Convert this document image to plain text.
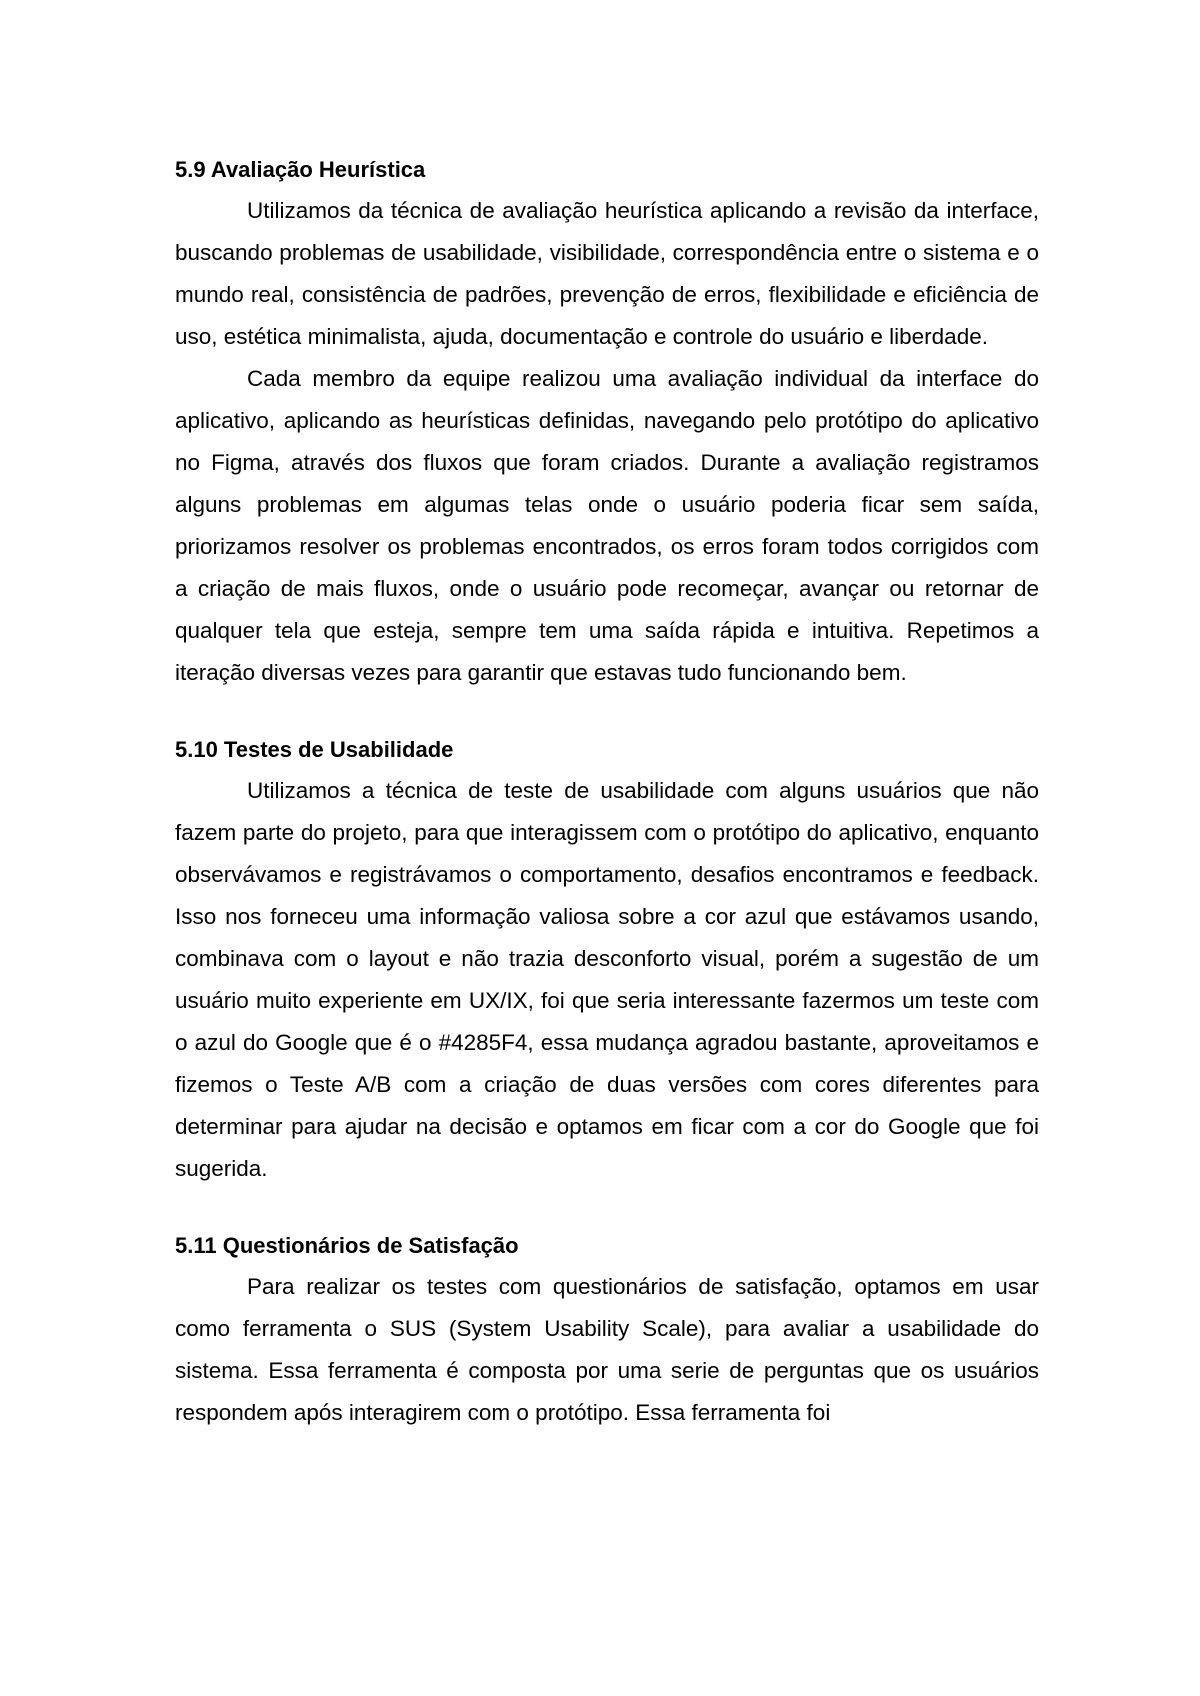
5.9 Avaliação Heurística

Utilizamos da técnica de avaliação heurística aplicando a revisão da interface, buscando problemas de usabilidade, visibilidade, correspondência entre o sistema e o mundo real, consistência de padrões, prevenção de erros, flexibilidade e eficiência de uso, estética minimalista, ajuda, documentação e controle do usuário e liberdade.

Cada membro da equipe realizou uma avaliação individual da interface do aplicativo, aplicando as heurísticas definidas, navegando pelo protótipo do aplicativo no Figma, através dos fluxos que foram criados. Durante a avaliação registramos alguns problemas em algumas telas onde o usuário poderia ficar sem saída, priorizamos resolver os problemas encontrados, os erros foram todos corrigidos com a criação de mais fluxos, onde o usuário pode recomeçar, avançar ou retornar de qualquer tela que esteja, sempre tem uma saída rápida e intuitiva. Repetimos a iteração diversas vezes para garantir que estavas tudo funcionando bem.

5.10 Testes de Usabilidade

Utilizamos a técnica de teste de usabilidade com alguns usuários que não fazem parte do projeto, para que interagissem com o protótipo do aplicativo, enquanto observávamos e registrávamos o comportamento, desafios encontramos e feedback. Isso nos forneceu uma informação valiosa sobre a cor azul que estávamos usando, combinava com o layout e não trazia desconforto visual, porém a sugestão de um usuário muito experiente em UX/IX, foi que seria interessante fazermos um teste com o azul do Google que é o #4285F4, essa mudança agradou bastante, aproveitamos e fizemos o Teste A/B com a criação de duas versões com cores diferentes para determinar para ajudar na decisão e optamos em ficar com a cor do Google que foi sugerida.

5.11 Questionários de Satisfação

Para realizar os testes com questionários de satisfação, optamos em usar como ferramenta o SUS (System Usability Scale), para avaliar a usabilidade do sistema. Essa ferramenta é composta por uma serie de perguntas que os usuários respondem após interagirem com o protótipo. Essa ferramenta foi
